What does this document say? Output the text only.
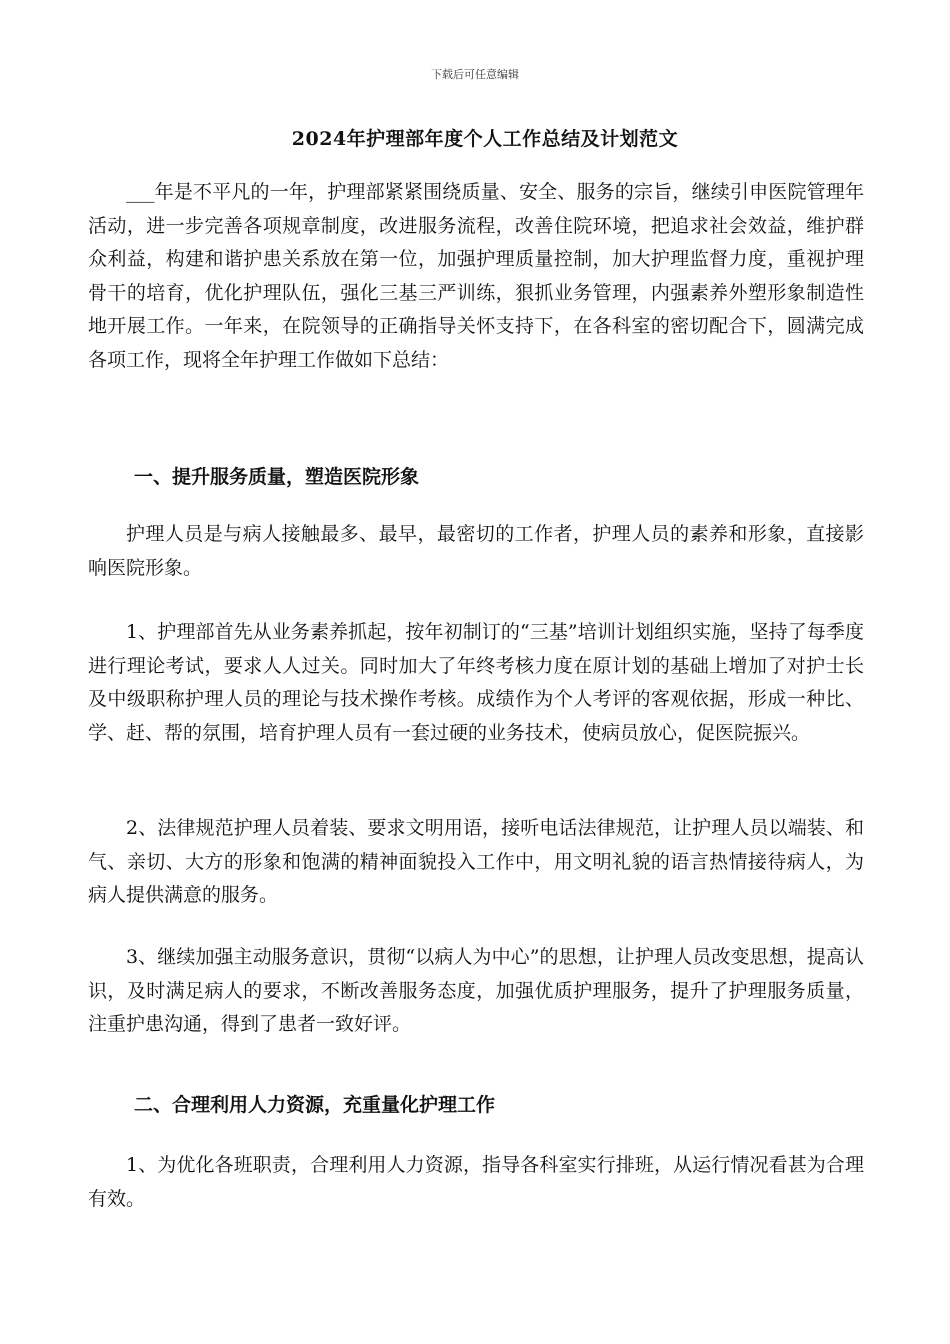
下载后可任意编辑
2024年护理部年度个人工作总结及计划范文

___年是不平凡的一年，护理部紧紧围绕质量、安全、服务的宗旨，继续引申医院管理年活动，进一步完善各项规章制度，改进服务流程，改善住院环境，把追求社会效益，维护群众利益，构建和谐护患关系放在第一位，加强护理质量控制，加大护理监督力度，重视护理骨干的培育，优化护理队伍，强化三基三严训练，狠抓业务管理，内强素养外塑形象制造性地开展工作。一年来，在院领导的正确指导关怀支持下，在各科室的密切配合下，圆满完成各项工作，现将全年护理工作做如下总结：

一、提升服务质量，塑造医院形象

护理人员是与病人接触最多、最早，最密切的工作者，护理人员的素养和形象，直接影响医院形象。

1、护理部首先从业务素养抓起，按年初制订的“三基”培训计划组织实施，坚持了每季度进行理论考试，要求人人过关。同时加大了年终考核力度在原计划的基础上增加了对护士长及中级职称护理人员的理论与技术操作考核。成绩作为个人考评的客观依据，形成一种比、学、赶、帮的氛围，培育护理人员有一套过硬的业务技术，使病员放心，促医院振兴。

2、法律规范护理人员着装、要求文明用语，接听电话法律规范，让护理人员以端装、和气、亲切、大方的形象和饱满的精神面貌投入工作中，用文明礼貌的语言热情接待病人，为病人提供满意的服务。

3、继续加强主动服务意识，贯彻“以病人为中心”的思想，让护理人员改变思想，提高认识，及时满足病人的要求，不断改善服务态度，加强优质护理服务，提升了护理服务质量，注重护患沟通，得到了患者一致好评。

二、合理利用人力资源，充重量化护理工作

1、为优化各班职责，合理利用人力资源，指导各科室实行排班，从运行情况看甚为合理有效。
